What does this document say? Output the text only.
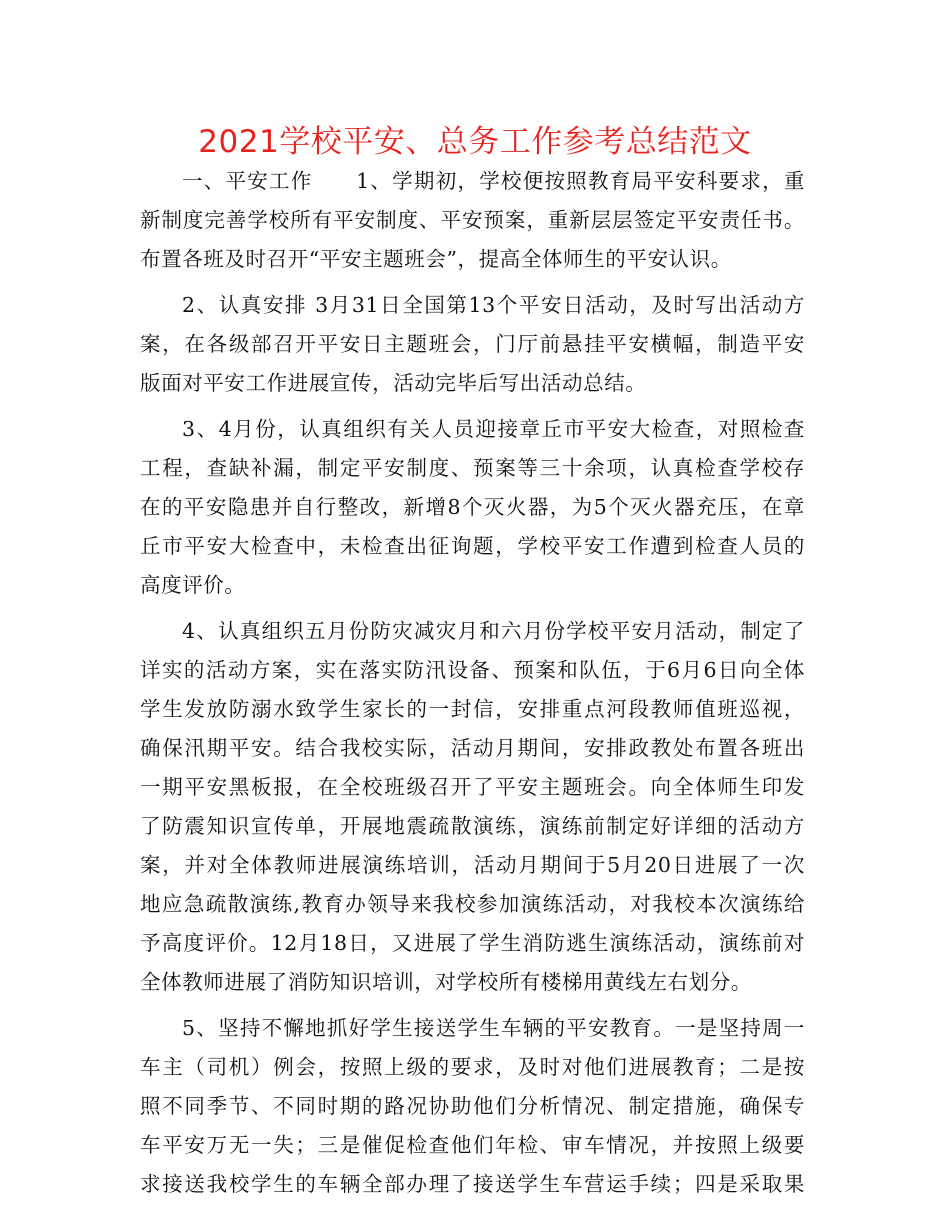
2021学校平安、总务工作参考总结范文
一、平安工作　　1、学期初，学校便按照教育局平安科要求，重
新制度完善学校所有平安制度、平安预案，重新层层签定平安责任书。
布置各班及时召开“平安主题班会”，提高全体师生的平安认识。
2、认真安排 3月31日全国第13个平安日活动，及时写出活动方
案，在各级部召开平安日主题班会，门厅前悬挂平安横幅，制造平安
版面对平安工作进展宣传，活动完毕后写出活动总结。
3、4月份，认真组织有关人员迎接章丘市平安大检查，对照检查
工程，查缺补漏，制定平安制度、预案等三十余项，认真检查学校存
在的平安隐患并自行整改，新增8个灭火器，为5个灭火器充压，在章
丘市平安大检查中，未检查出征询题，学校平安工作遭到检查人员的
高度评价。
4、认真组织五月份防灾减灾月和六月份学校平安月活动，制定了
详实的活动方案，实在落实防汛设备、预案和队伍，于6月6日向全体
学生发放防溺水致学生家长的一封信，安排重点河段教师值班巡视，
确保汛期平安。结合我校实际，活动月期间，安排政教处布置各班出
一期平安黑板报，在全校班级召开了平安主题班会。向全体师生印发
了防震知识宣传单，开展地震疏散演练，演练前制定好详细的活动方
案，并对全体教师进展演练培训，活动月期间于5月20日进展了一次
地应急疏散演练,教育办领导来我校参加演练活动，对我校本次演练给
予高度评价。12月18日，又进展了学生消防逃生演练活动，演练前对
全体教师进展了消防知识培训，对学校所有楼梯用黄线左右划分。
5、坚持不懈地抓好学生接送学生车辆的平安教育。一是坚持周一
车主（司机）例会，按照上级的要求，及时对他们进展教育；二是按
照不同季节、不同时期的路况协助他们分析情况、制定措施，确保专
车平安万无一失；三是催促检查他们年检、审车情况，并按照上级要
求接送我校学生的车辆全部办理了接送学生车营运手续；四是采取果
